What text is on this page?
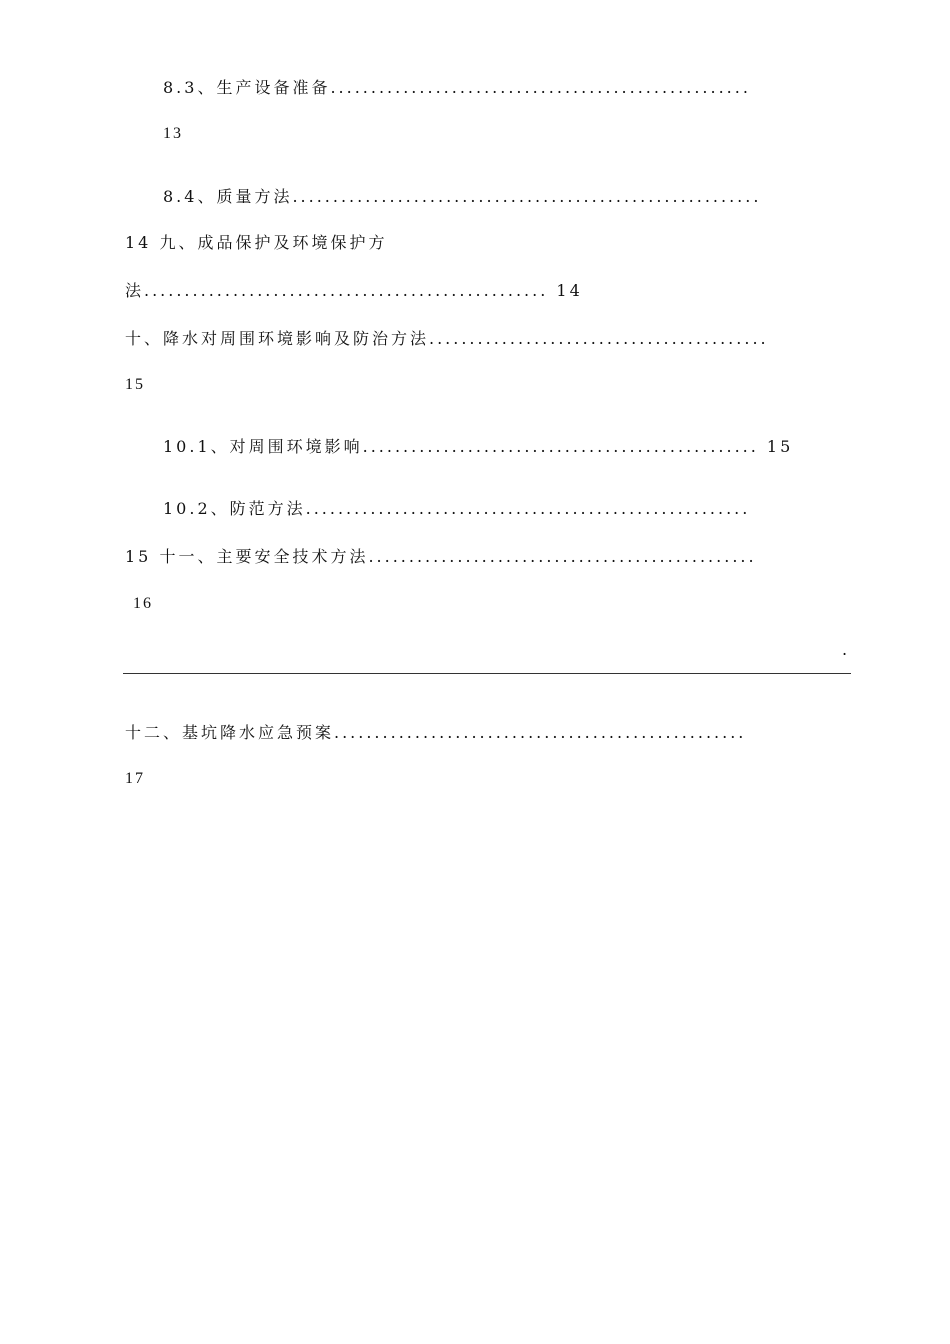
8.3、生产设备准备....................................................
13
8.4、质量方法..........................................................
14 九、成品保护及环境保护方
法.................................................. 14
十、降水对周围环境影响及防治方法..........................................
15
10.1、对周围环境影响................................................. 15
10.2、防范方法.......................................................
15 十一、主要安全技术方法................................................
16
.
十二、基坑降水应急预案...................................................
17
